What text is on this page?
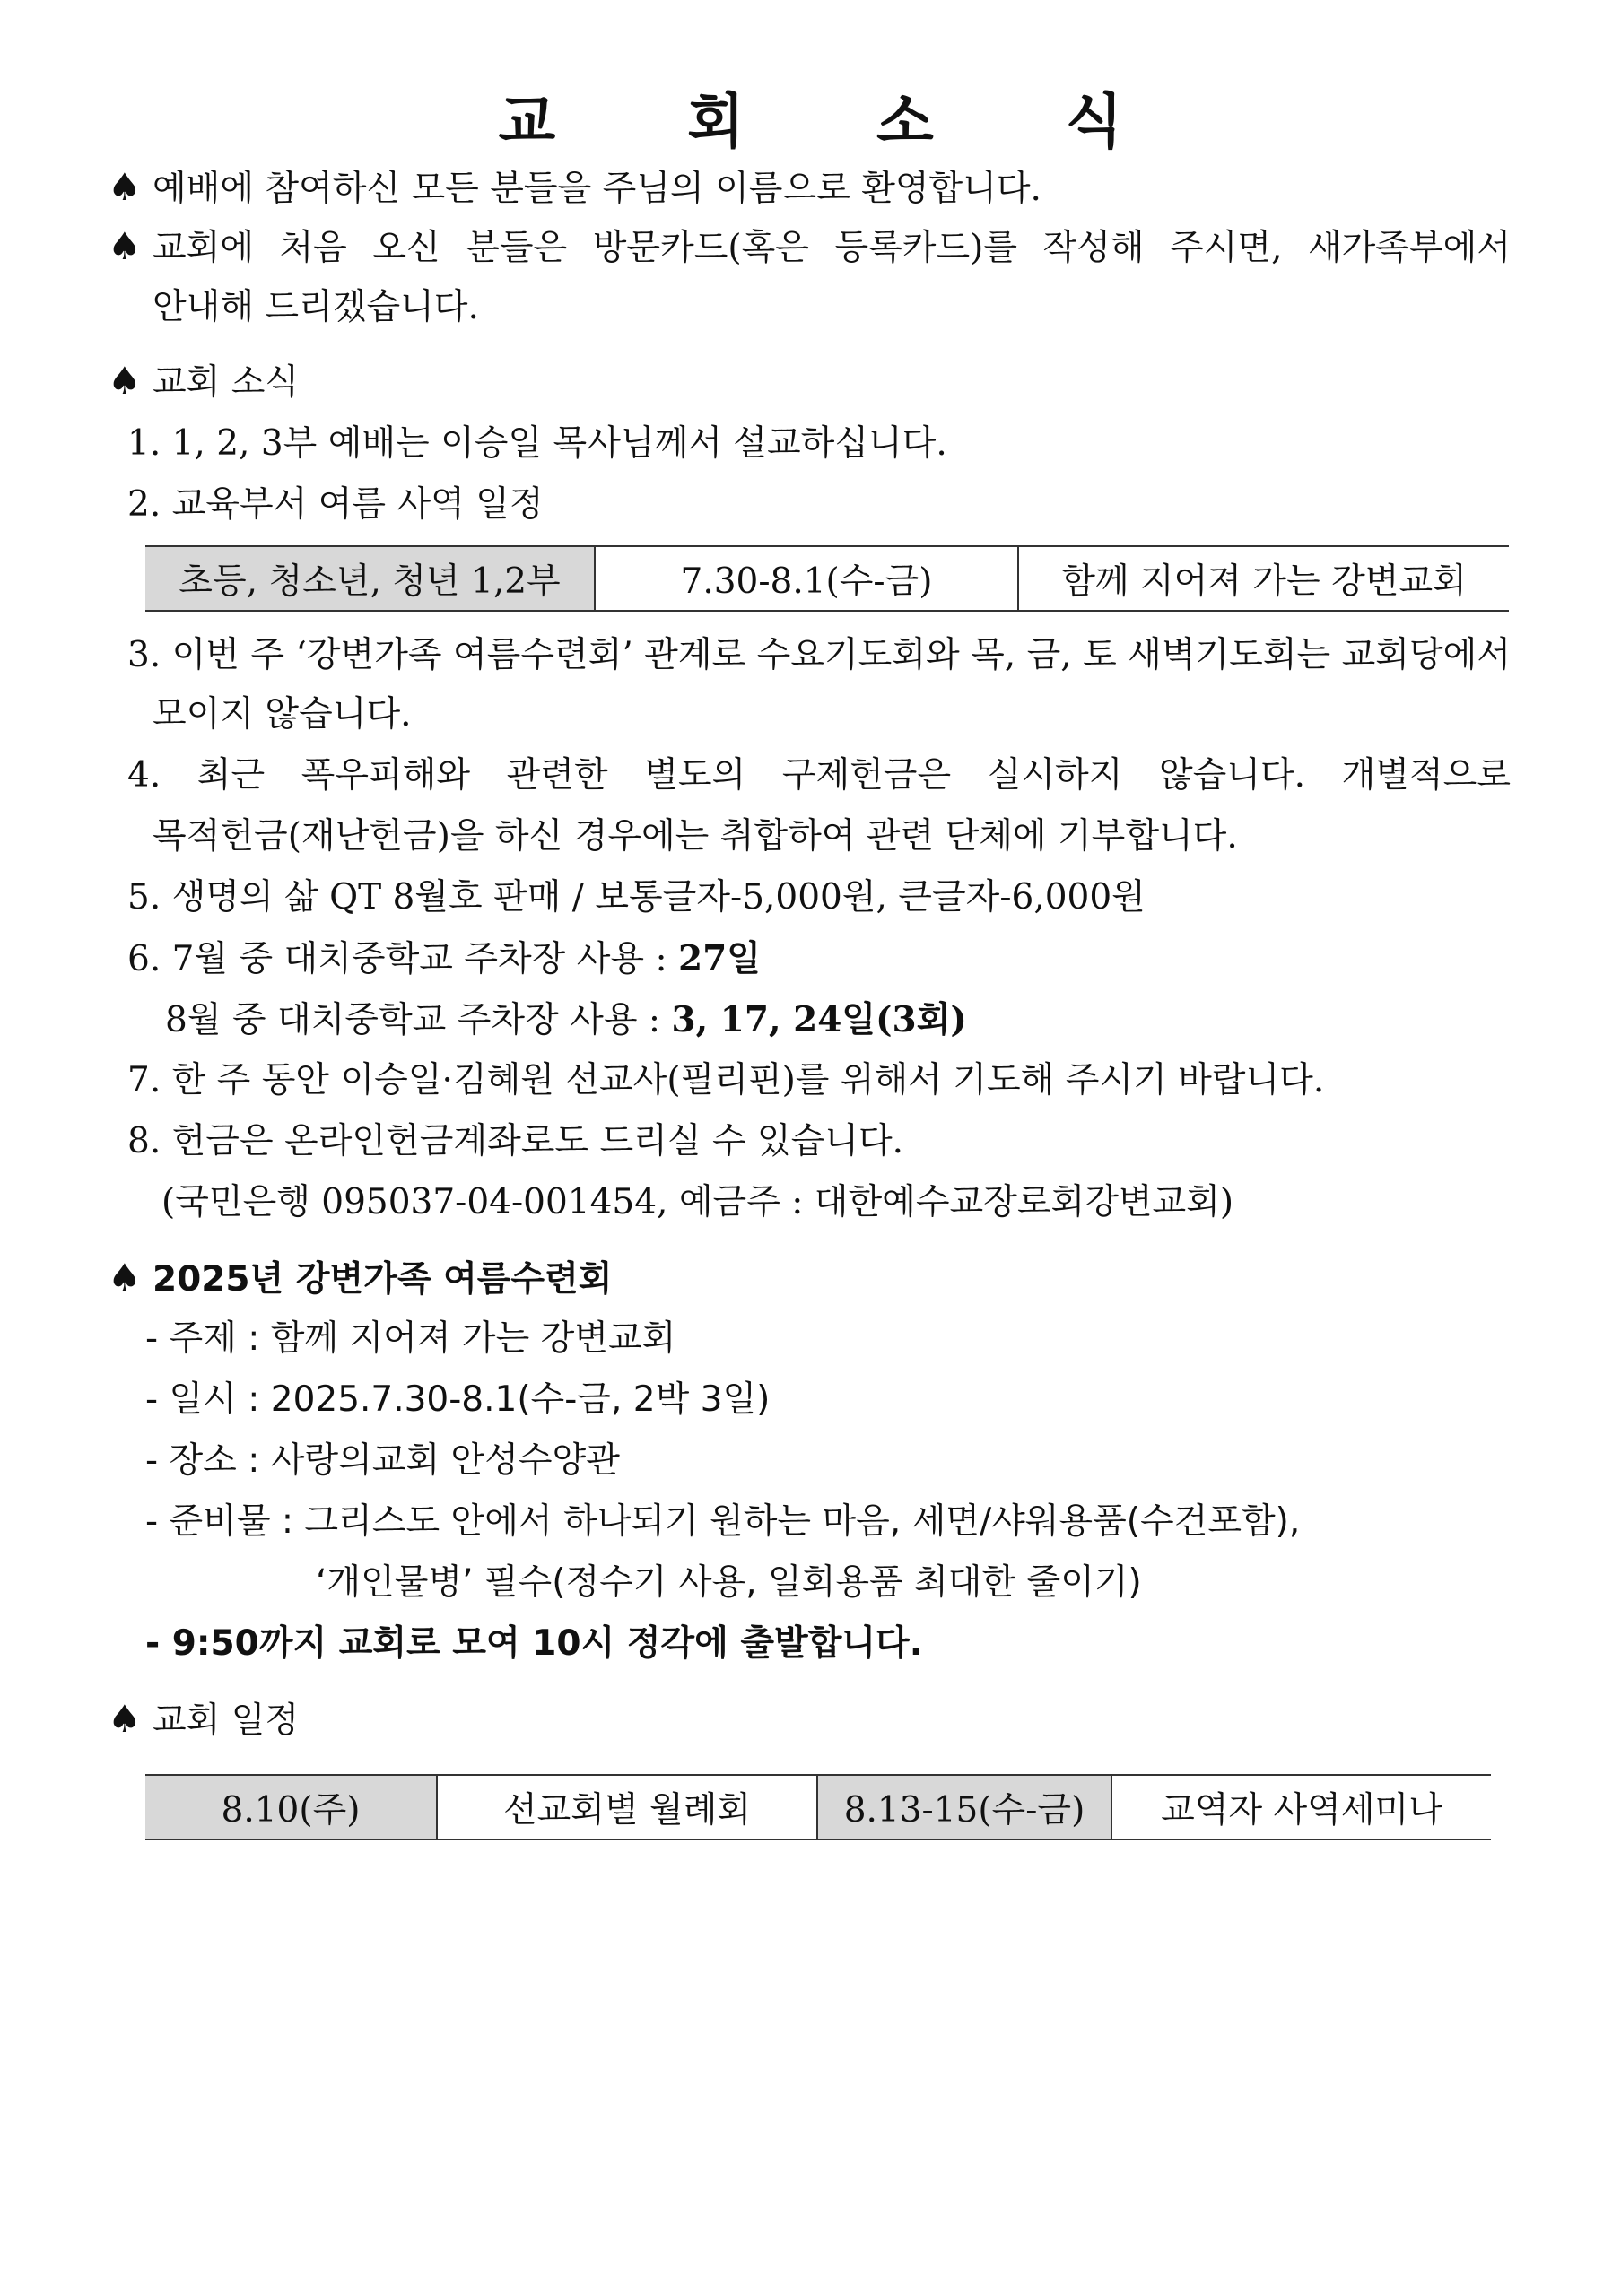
교 회 소 식
♠ 예배에 참여하신 모든 분들을 주님의 이름으로 환영합니다.
♠ 교회에 처음 오신 분들은 방문카드(혹은 등록카드)를 작성해 주시면, 새가족부에서
안내해 드리겠습니다.
♠ 교회 소식
1. 1, 2, 3부 예배는 이승일 목사님께서 설교하십니다.
2. 교육부서 여름 사역 일정
초등, 청소년, 청년 1,2부	7.30-8.1(수-금)	함께 지어져 가는 강변교회
3. 이번 주 ‘강변가족 여름수련회’ 관계로 수요기도회와 목, 금, 토 새벽기도회는 교회당에서
모이지 않습니다.
4. 최근 폭우피해와 관련한 별도의 구제헌금은 실시하지 않습니다. 개별적으로
목적헌금(재난헌금)을 하신 경우에는 취합하여 관련 단체에 기부합니다.
5. 생명의 삶 QT 8월호 판매 / 보통글자-5,000원, 큰글자-6,000원
6. 7월 중 대치중학교 주차장 사용 : 27일
8월 중 대치중학교 주차장 사용 : 3, 17, 24일(3회)
7. 한 주 동안 이승일·김혜원 선교사(필리핀)를 위해서 기도해 주시기 바랍니다.
8. 헌금은 온라인헌금계좌로도 드리실 수 있습니다.
(국민은행 095037-04-001454, 예금주 : 대한예수교장로회강변교회)
♠ 2025년 강변가족 여름수련회
- 주제 : 함께 지어져 가는 강변교회
- 일시 : 2025.7.30-8.1(수-금, 2박 3일)
- 장소 : 사랑의교회 안성수양관
- 준비물 : 그리스도 안에서 하나되기 원하는 마음, 세면/샤워용품(수건포함),
‘개인물병’ 필수(정수기 사용, 일회용품 최대한 줄이기)
- 9:50까지 교회로 모여 10시 정각에 출발합니다.
♠ 교회 일정
8.10(주)	선교회별 월례회	8.13-15(수-금)	교역자 사역세미나
